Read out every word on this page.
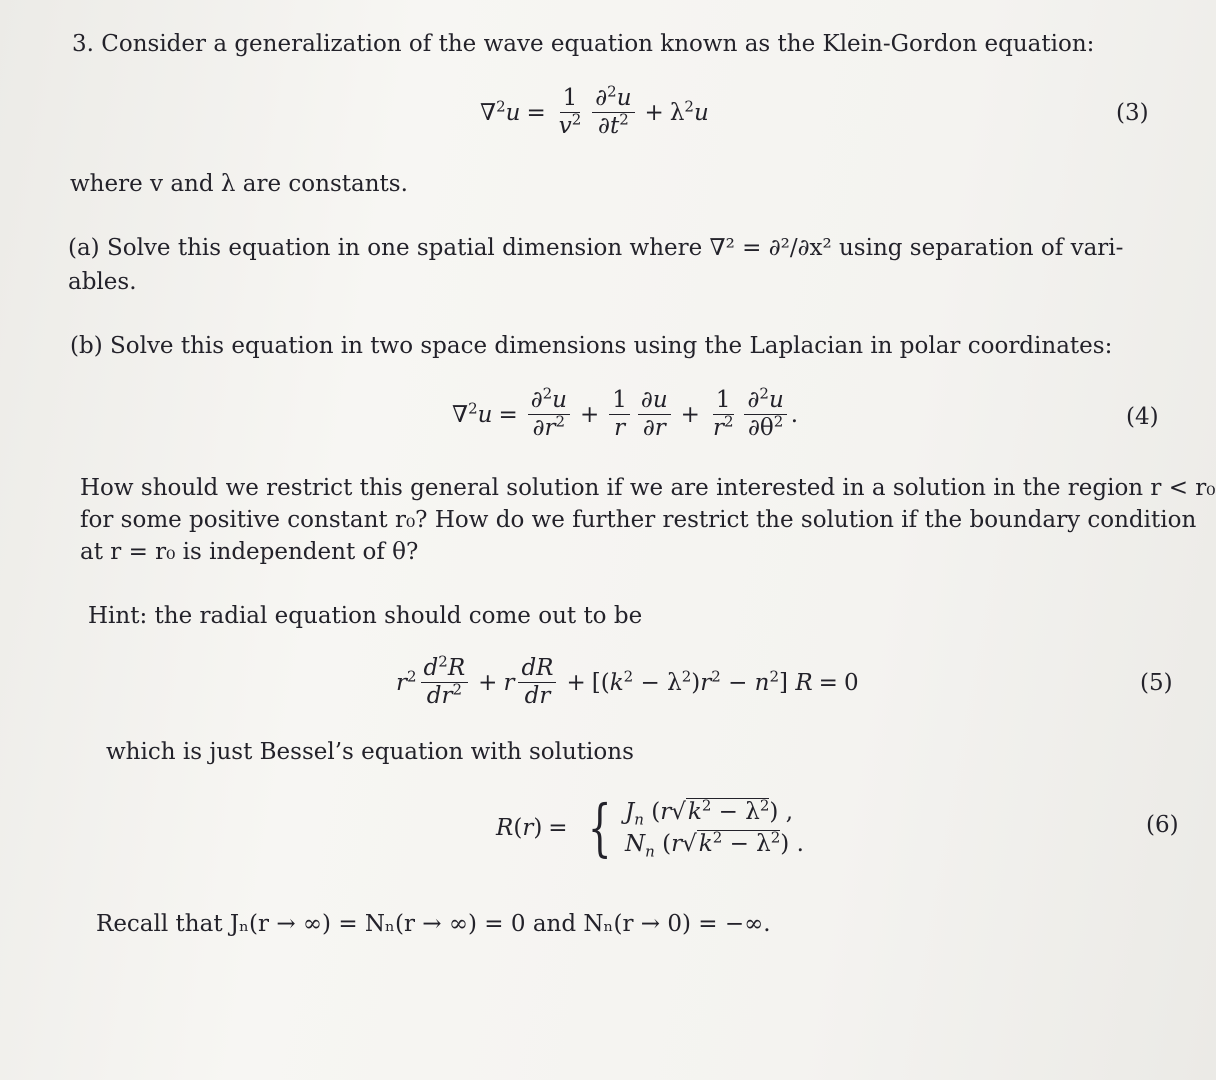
3. Consider a generalization of the wave equation known as the Klein-Gordon equation:
$\nabla^2u = \frac{1}{v^2} \frac{\partial^2u}{\partial t^2} + \lambda^2u$	(3)
where v and λ are constants.
(a) Solve this equation in one spatial dimension where ∇² = ∂²/∂x² using separation of vari-
ables.
(b) Solve this equation in two space dimensions using the Laplacian in polar coordinates:
$\nabla^2u = \frac{\partial^2u}{\partial r^2} + \frac{1}{r} \frac{\partial u}{\partial r} + \frac{1}{r^2} \frac{\partial^2u}{\partial\theta^2}$ .	(4)
How should we restrict this general solution if we are interested in a solution in the region r < r₀
for some positive constant r₀? How do we further restrict the solution if the boundary condition
at r = r₀ is independent of θ?
Hint: the radial equation should come out to be
$r^2 \frac{d^2R}{dr^2} + r \frac{dR}{dr} + [(k^2 - \lambda^2)r^2 - n^2] R = 0$	(5)
which is just Bessel’s equation with solutions
R(r) = { $J_n$ $(r√k^2 - \lambda^2)$ ,
$N_n$ $(r√k^2 - \lambda^2)$ .
(6)
Recall that Jₙ(r → ∞) = Nₙ(r → ∞) = 0 and Nₙ(r → 0) = −∞.
